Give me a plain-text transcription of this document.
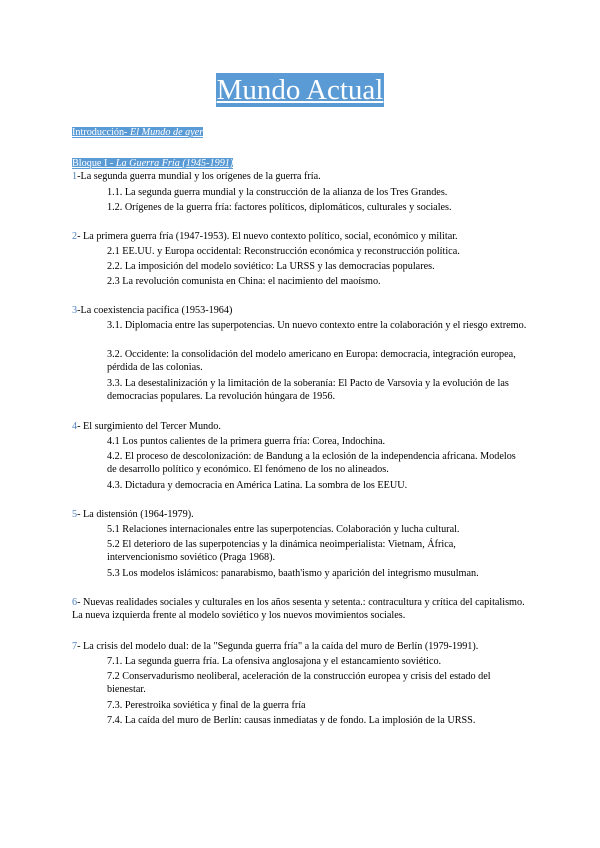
Mundo Actual
Introducción- El Mundo de ayer
Bloque I - La Guerra Fría (1945-1991)
1-La segunda guerra mundial y los orígenes de la guerra fría.
1.1. La segunda guerra mundial y la construcción de la alianza de los Tres Grandes.
1.2. Orígenes de la guerra fría: factores políticos, diplomáticos, culturales y sociales.
2- La primera guerra fría (1947-1953). El nuevo contexto político, social, económico y militar.
2.1 EE.UU. y Europa occidental: Reconstrucción económica y reconstrucción política.
2.2. La imposición del modelo soviético: La URSS y las democracias populares.
2.3 La revolución comunista en China: el nacimiento del maoísmo.
3-La coexistencia pacífica (1953-1964)
3.1. Diplomacia entre las superpotencias. Un nuevo contexto entre la colaboración y el riesgo extremo.
3.2. Occidente: la consolidación del modelo americano en Europa: democracia, integración europea, pérdida de las colonias.
3.3. La desestalinización y la limitación de la soberanía: El Pacto de Varsovia y la evolución de las democracias populares. La revolución húngara de 1956.
4- El surgimiento del Tercer Mundo.
4.1 Los puntos calientes de la primera guerra fría: Corea, Indochina.
4.2. El proceso de descolonización: de Bandung a la eclosión de la independencia africana. Modelos de desarrollo político y económico. El fenómeno de los no alineados.
4.3. Dictadura y democracia en América Latina. La sombra de los EEUU.
5- La distensión (1964-1979).
5.1 Relaciones internacionales entre las superpotencias. Colaboración y lucha cultural.
5.2 El deterioro de las superpotencias y la dinámica neoimperialista: Vietnam, África, intervencionismo soviético (Praga 1968).
5.3 Los modelos islámicos: panarabismo, baath'ismo y aparición del integrismo musulman.
6- Nuevas realidades sociales y culturales en los años sesenta y setenta.: contracultura y crítica del capitalismo. La nueva izquierda frente al modelo soviético y los nuevos movimientos sociales.
7- La crisis del modelo dual: de la "Segunda guerra fría" a la caída del muro de Berlín (1979-1991).
7.1. La segunda guerra fría. La ofensiva anglosajona y el estancamiento soviético.
7.2 Conservadurismo neoliberal, aceleración de la construcción europea y crisis del estado del bienestar.
7.3. Perestroika soviética y final de la guerra fría
7.4. La caída del muro de Berlín: causas inmediatas y de fondo. La implosión de la URSS.
